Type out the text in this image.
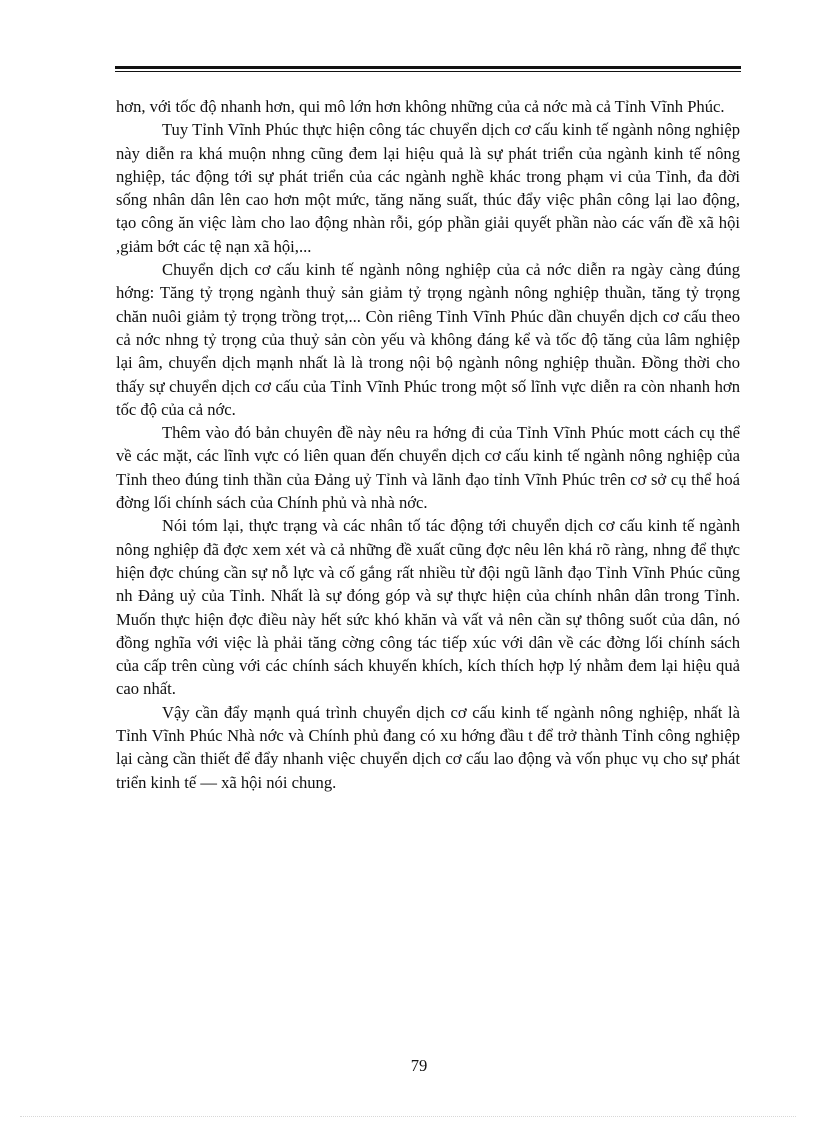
hơn, với tốc độ nhanh hơn, qui mô lớn hơn không những của cả nớc mà cả Tỉnh Vĩnh Phúc.

Tuy Tỉnh Vĩnh Phúc thực hiện công tác chuyển dịch cơ cấu kinh tế ngành nông nghiệp này diễn ra khá muộn nhng cũng đem lại hiệu quả là sự phát triển của ngành kinh tế nông nghiệp, tác động tới sự phát triển của các ngành nghề khác trong phạm vi của Tỉnh, đa đời sống nhân dân lên cao hơn một mức, tăng năng suất, thúc đẩy việc phân công lại lao động, tạo công ăn việc làm cho lao động nhàn rỗi, góp phần giải quyết phần nào các vấn đề xã hội ,giảm bớt các tệ nạn xã hội,...

Chuyển dịch cơ cấu kinh tế ngành nông nghiệp của cả nớc diễn ra ngày càng đúng hớng: Tăng tỷ trọng ngành thuỷ sản giảm tỷ trọng ngành nông nghiệp thuần, tăng tỷ trọng chăn nuôi giảm tỷ trọng trồng trọt,... Còn riêng Tỉnh Vĩnh Phúc dần chuyển dịch cơ cấu theo cả nớc nhng tỷ trọng của thuỷ sản còn yếu và không đáng kể và tốc độ tăng của lâm nghiệp lại âm, chuyển dịch mạnh nhất là là trong nội bộ ngành nông nghiệp thuần. Đồng thời cho thấy sự chuyển dịch cơ cấu của Tỉnh Vĩnh Phúc trong một số lĩnh vực diễn ra còn nhanh hơn tốc độ của cả nớc.

Thêm vào đó bản chuyên đề này nêu ra hớng đi của Tỉnh Vĩnh Phúc mott cách cụ thể về các mặt, các lĩnh vực có liên quan đến chuyển dịch cơ cấu kinh tế ngành nông nghiệp của Tỉnh theo đúng tinh thần của Đảng uỷ Tỉnh và lãnh đạo tỉnh Vĩnh Phúc trên cơ sở cụ thể hoá đờng lối chính sách của Chính phủ và nhà nớc.

Nói tóm lại, thực trạng và các nhân tố tác động tới chuyển dịch cơ cấu kinh tế ngành nông nghiệp đã đợc xem xét và cả những đề xuất cũng đợc nêu lên khá rõ ràng, nhng để thực hiện đợc chúng cần sự nỗ lực và cố gắng rất nhiều từ đội ngũ lãnh đạo Tỉnh Vĩnh Phúc cũng nh Đảng uỷ của Tỉnh. Nhất là sự đóng góp và sự thực hiện của chính nhân dân trong Tỉnh. Muốn thực hiện đợc điều này hết sức khó khăn và vất vả nên cần sự thông suốt của dân, nó đồng nghĩa với việc là phải tăng cờng công tác tiếp xúc với dân về các đờng lối chính sách của cấp trên cùng với các chính sách khuyến khích, kích thích hợp lý nhằm đem lại hiệu quả cao nhất.

Vậy cần đẩy mạnh quá trình chuyển dịch cơ cấu kinh tế ngành nông nghiệp, nhất là Tỉnh Vĩnh Phúc Nhà nớc và Chính phủ đang có xu hớng đầu t để trở thành Tỉnh công nghiệp lại càng cần thiết để đẩy nhanh việc chuyển dịch cơ cấu lao động và vốn phục vụ cho sự phát triển kinh tế — xã hội nói chung.

79
